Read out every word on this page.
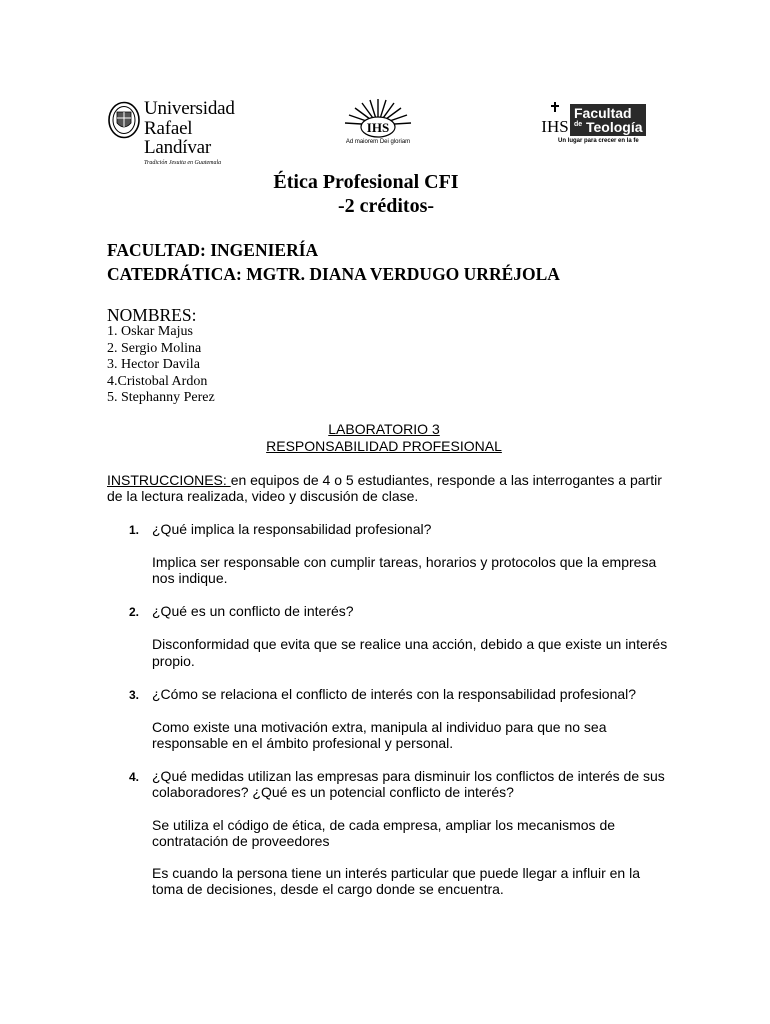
Universidad
Rafael Landívar
Tradición Jesuita en Guatemala
IHS
Ad maiorem Dei gloriam
IHS
Facultad
de Teología
Un lugar para crecer en la fe
Ética Profesional CFI
-2 créditos-
FACULTAD: INGENIERÍA
CATEDRÁTICA: MGTR. DIANA VERDUGO URRÉJOLA
NOMBRES:
1. Oskar Majus
2. Sergio Molina
3. Hector Davila
4.Cristobal Ardon
5. Stephanny Perez
LABORATORIO 3
RESPONSABILIDAD PROFESIONAL
INSTRUCCIONES: en equipos de 4 o 5 estudiantes, responde a las interrogantes a partir
de la lectura realizada, video y discusión de clase.
1. ¿Qué implica la responsabilidad profesional?
Implica ser responsable con cumplir tareas, horarios y protocolos que la empresa
nos indique.
2. ¿Qué es un conflicto de interés?
Disconformidad que evita que se realice una acción, debido a que existe un interés
propio.
3. ¿Cómo se relaciona el conflicto de interés con la responsabilidad profesional?
Como existe una motivación extra, manipula al individuo para que no sea
responsable en el ámbito profesional y personal.
4. ¿Qué medidas utilizan las empresas para disminuir los conflictos de interés de sus
colaboradores? ¿Qué es un potencial conflicto de interés?
Se utiliza el código de ética, de cada empresa, ampliar los mecanismos de
contratación de proveedores
Es cuando la persona tiene un interés particular que puede llegar a influir en la
toma de decisiones, desde el cargo donde se encuentra.
